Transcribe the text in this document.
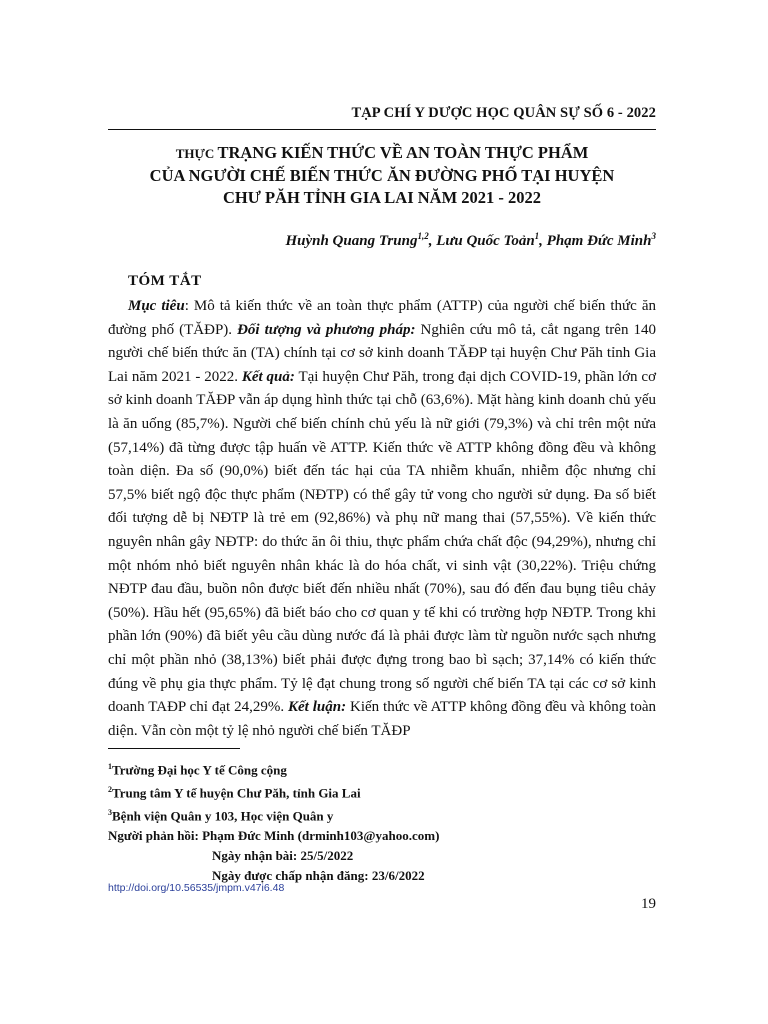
TẠP CHÍ Y DƯỢC HỌC QUÂN SỰ SỐ 6 - 2022
THỰC TRẠNG KIẾN THỨC VỀ AN TOÀN THỰC PHẨM
CỦA NGƯỜI CHẾ BIẾN THỨC ĂN ĐƯỜNG PHỐ TẠI HUYỆN
CHƯ PĂH TỈNH GIA LAI NĂM 2021 - 2022
Huỳnh Quang Trung$^{1,2}$, Lưu Quốc Toản$^1$, Phạm Đức Minh$^3$
TÓM TẮT

Mục tiêu: Mô tả kiến thức về an toàn thực phẩm (ATTP) của người chế biến thức ăn đường phố (TĂĐP). Đối tượng và phương pháp: Nghiên cứu mô tả, cắt ngang trên 140 người chế biến thức ăn (TA) chính tại cơ sở kinh doanh TĂĐP tại huyện Chư Păh tỉnh Gia Lai năm 2021 - 2022. Kết quả: Tại huyện Chư Păh, trong đại dịch COVID-19, phần lớn cơ sở kinh doanh TĂĐP vẫn áp dụng hình thức tại chỗ (63,6%). Mặt hàng kinh doanh chủ yếu là ăn uống (85,7%). Người chế biến chính chủ yếu là nữ giới (79,3%) và chỉ trên một nửa (57,14%) đã từng được tập huấn về ATTP. Kiến thức về ATTP không đồng đều và không toàn diện. Đa số (90,0%) biết đến tác hại của TA nhiễm khuẩn, nhiễm độc nhưng chỉ 57,5% biết ngộ độc thực phẩm (NĐTP) có thể gây tử vong cho người sử dụng. Đa số biết đối tượng dễ bị NĐTP là trẻ em (92,86%) và phụ nữ mang thai (57,55%). Về kiến thức nguyên nhân gây NĐTP: do thức ăn ôi thiu, thực phẩm chứa chất độc (94,29%), nhưng chỉ một nhóm nhỏ biết nguyên nhân khác là do hóa chất, vi sinh vật (30,22%). Triệu chứng NĐTP đau đầu, buồn nôn được biết đến nhiều nhất (70%), sau đó đến đau bụng tiêu chảy (50%). Hầu hết (95,65%) đã biết báo cho cơ quan y tế khi có trường hợp NĐTP. Trong khi phần lớn (90%) đã biết yêu cầu dùng nước đá là phải được làm từ nguồn nước sạch nhưng chỉ một phần nhỏ (38,13%) biết phải được đựng trong bao bì sạch; 37,14% có kiến thức đúng về phụ gia thực phẩm. Tỷ lệ đạt chung trong số người chế biến TA tại các cơ sở kinh doanh TAĐP chỉ đạt 24,29%. Kết luận: Kiến thức về ATTP không đồng đều và không toàn diện. Vẫn còn một tỷ lệ nhỏ người chế biến TĂĐP

$^1$Trường Đại học Y tế Công cộng
$^2$Trung tâm Y tế huyện Chư Păh, tỉnh Gia Lai
$^3$Bệnh viện Quân y 103, Học viện Quân y
Người phản hồi: Phạm Đức Minh (drminh103@yahoo.com)
Ngày nhận bài: 25/5/2022
Ngày được chấp nhận đăng: 23/6/2022
http://doi.org/10.56535/jmpm.v47i6.48
19
